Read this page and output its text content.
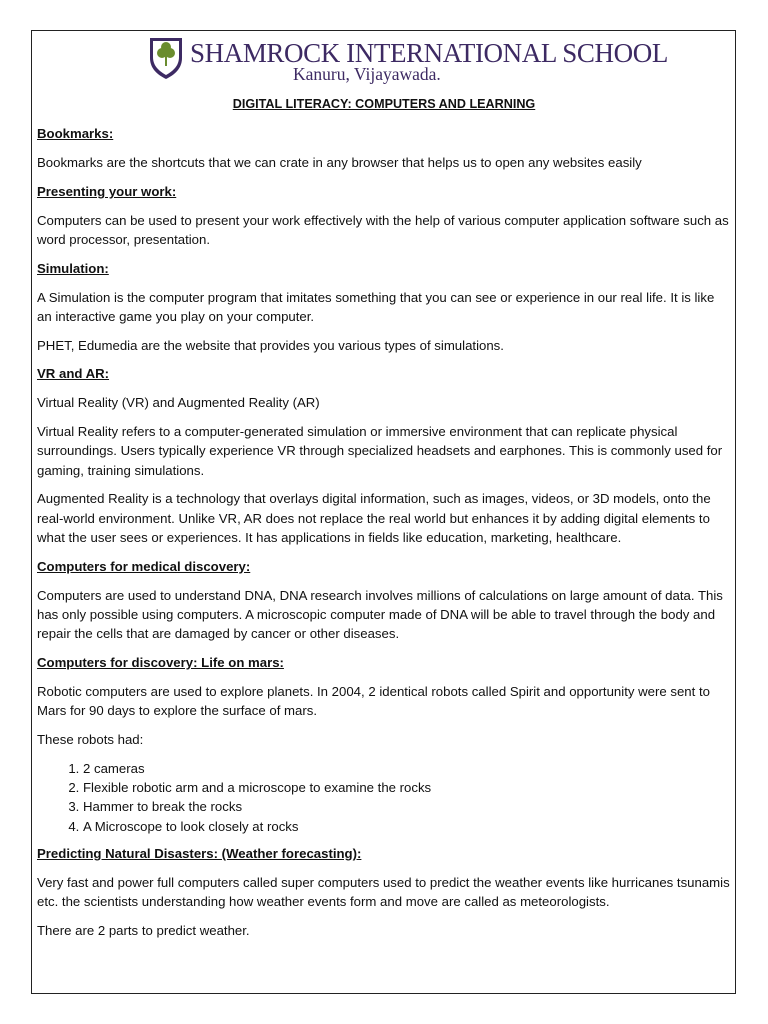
SHAMROCK INTERNATIONAL SCHOOL
Kanuru, Vijayawada.

DIGITAL LITERACY: COMPUTERS AND LEARNING

Bookmarks:

Bookmarks are the shortcuts that we can crate in any browser that helps us to open any websites easily

Presenting your work:

Computers can be used to present your work effectively with the help of various computer application software such as word processor, presentation.

Simulation:

A Simulation is the computer program that imitates something that you can see or experience in our real life. It is like an interactive game you play on your computer.

PHET, Edumedia are the website that provides you various types of simulations.

VR and AR:

Virtual Reality (VR) and Augmented Reality (AR)

Virtual Reality refers to a computer-generated simulation or immersive environment that can replicate physical surroundings. Users typically experience VR through specialized headsets and earphones. This is commonly used for gaming, training simulations.

Augmented Reality is a technology that overlays digital information, such as images, videos, or 3D models, onto the real-world environment. Unlike VR, AR does not replace the real world but enhances it by adding digital elements to what the user sees or experiences. It has applications in fields like education, marketing, healthcare.

Computers for medical discovery:

Computers are used to understand DNA, DNA research involves millions of calculations on large amount of data. This has only possible using computers. A microscopic computer made of DNA will be able to travel through the body and repair the cells that are damaged by cancer or other diseases.

Computers for discovery: Life on mars:

Robotic computers are used to explore planets. In 2004, 2 identical robots called Spirit and opportunity were sent to Mars for 90 days to explore the surface of mars.

These robots had:

1. 2 cameras
2. Flexible robotic arm and a microscope to examine the rocks
3. Hammer to break the rocks
4. A Microscope to look closely at rocks

Predicting Natural Disasters: (Weather forecasting):

Very fast and power full computers called super computers used to predict the weather events like hurricanes tsunamis etc. the scientists understanding how weather events form and move are called as meteorologists.

There are 2 parts to predict weather.
